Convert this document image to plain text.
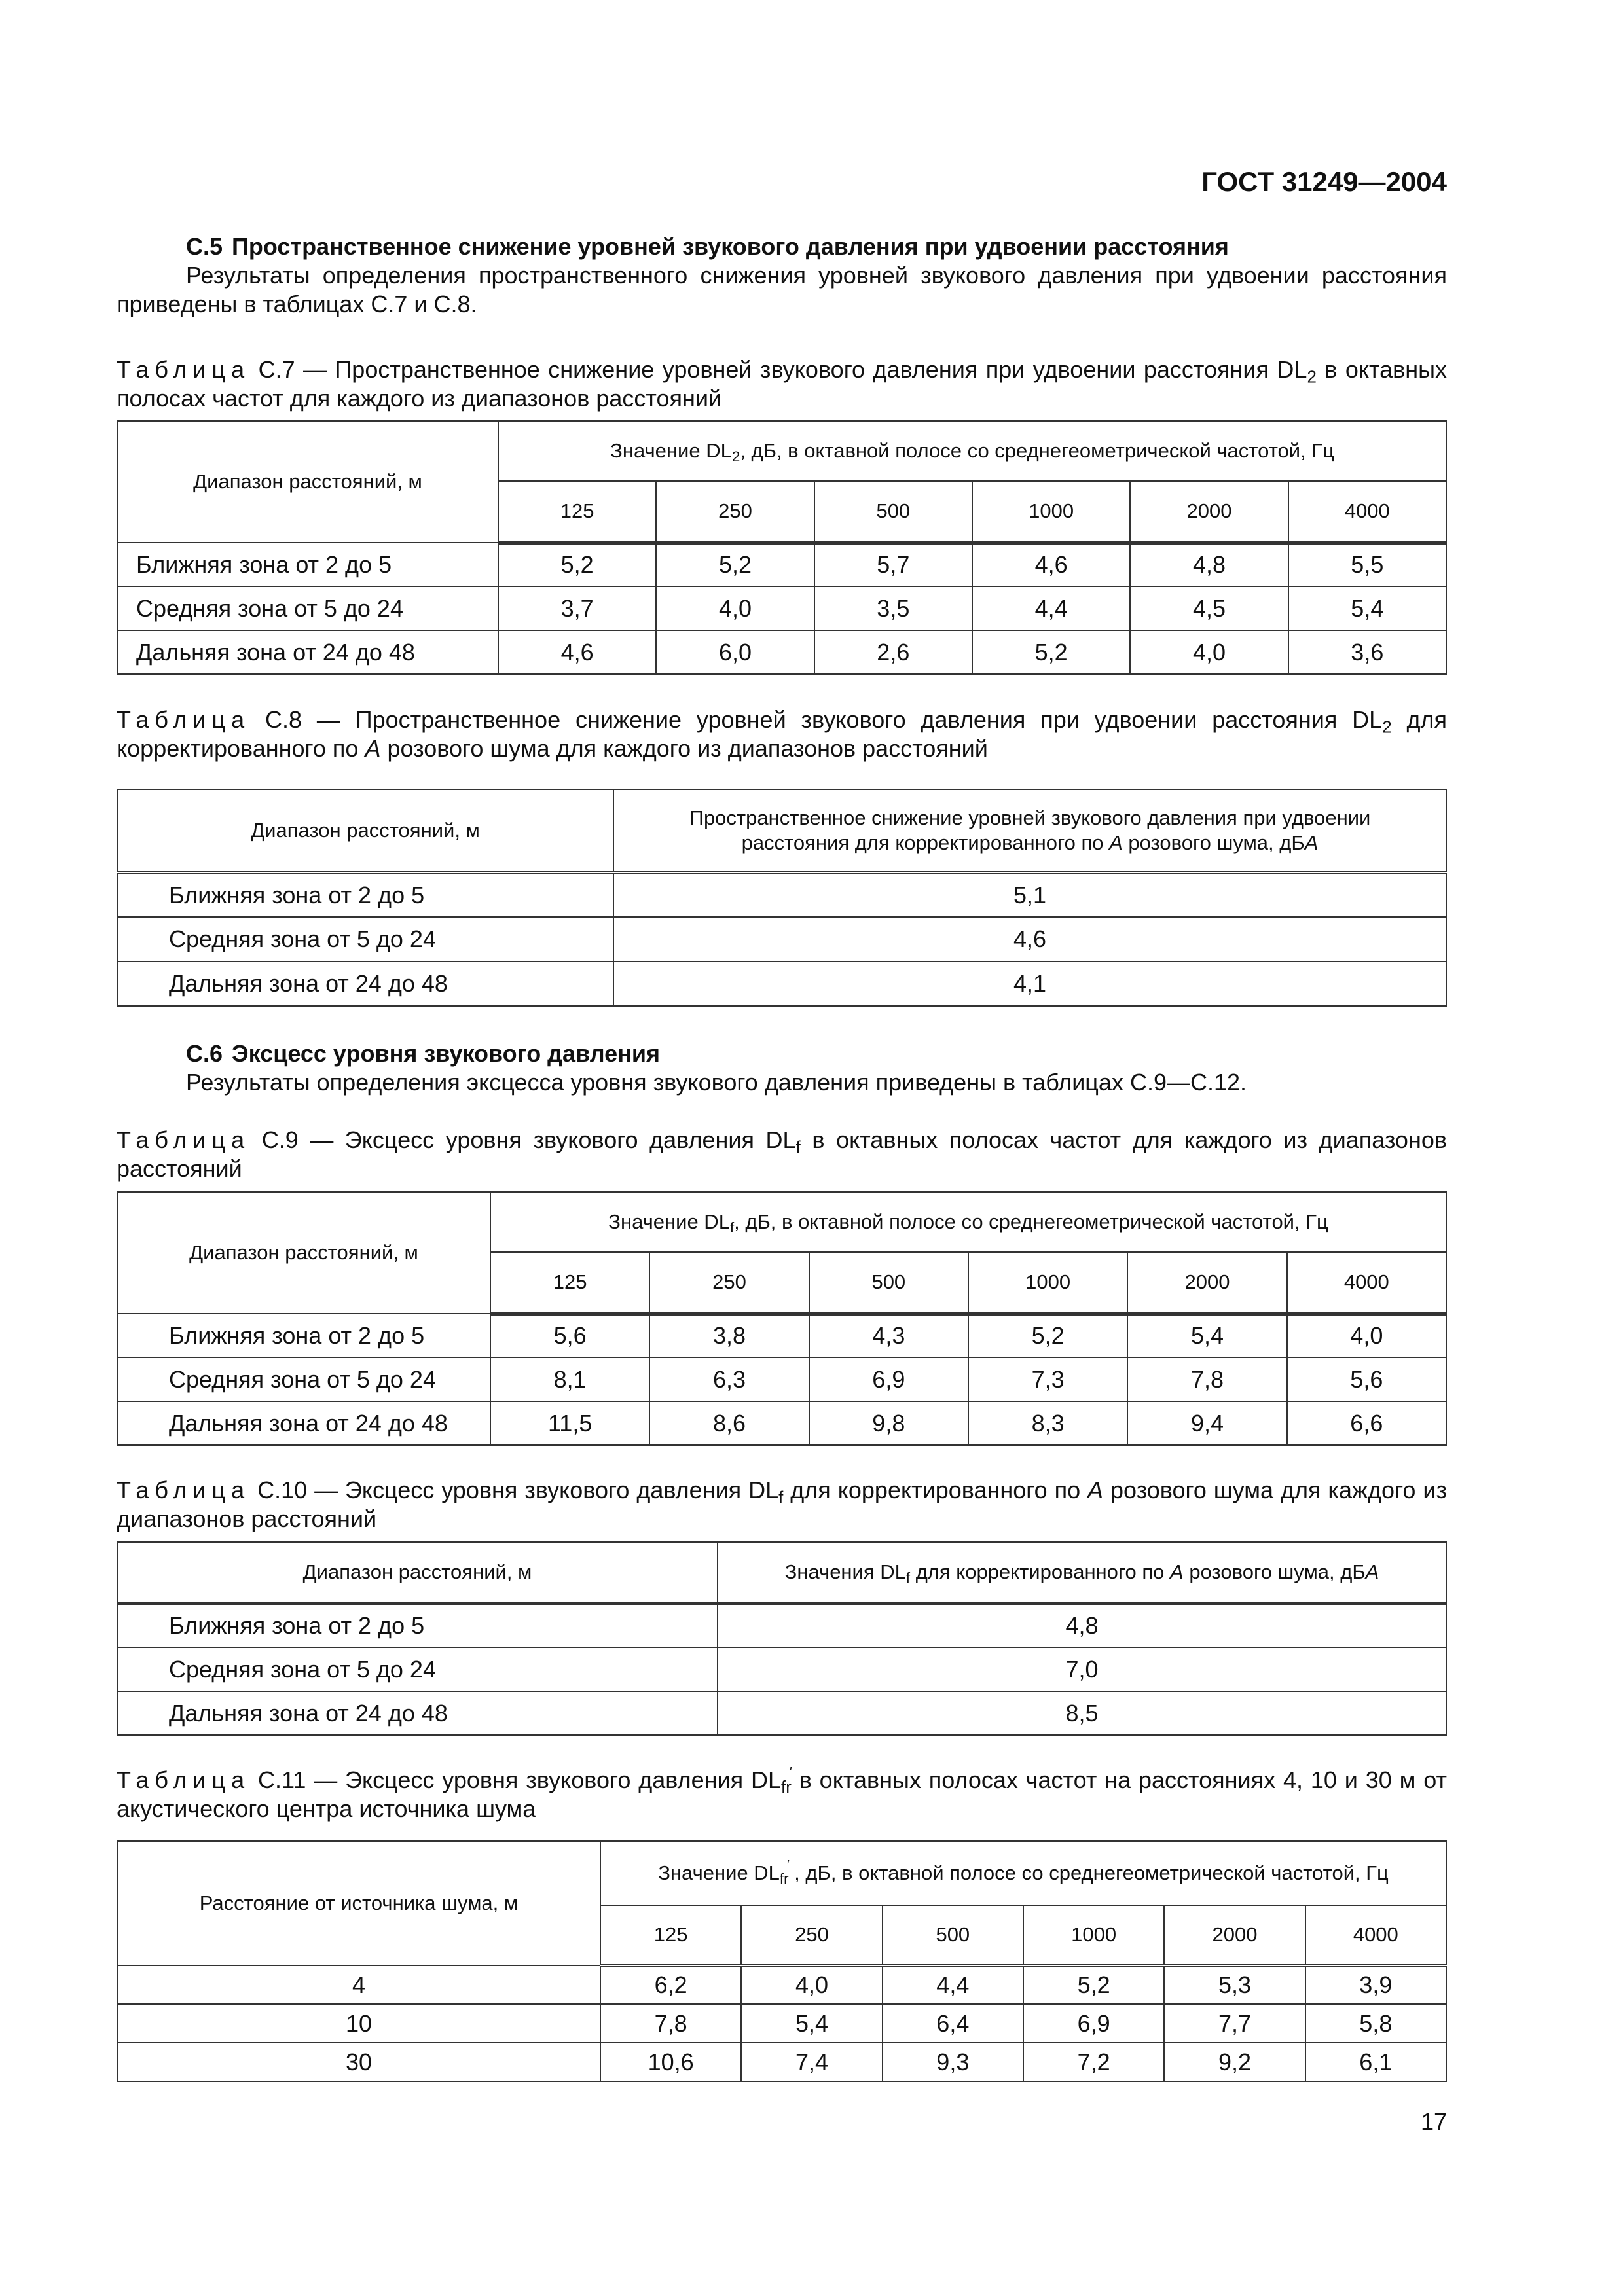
ГОСТ 31249—2004
С.5 Пространственное снижение уровней звукового давления при удвоении расстояния
Результаты определения пространственного снижения уровней звукового давления при удвоении расстояния приведены в таблицах С.7 и С.8.
Таблица С.7 — Пространственное снижение уровней звукового давления при удвоении расстояния $DL_2$ в октавных полосах частот для каждого из диапазонов расстояний
Диапазон расстояний, м	Значение $DL_2$, дБ, в октавной полосе со среднегеометрической частотой, Гц					
	125	250	500	1000	2000	4000
Ближняя зона от 2 до 5	5,2	5,2	5,7	4,6	4,8	5,5
Средняя зона от 5 до 24	3,7	4,0	3,5	4,4	4,5	5,4
Дальняя зона от 24 до 48	4,6	6,0	2,6	5,2	4,0	3,6
Таблица С.8 — Пространственное снижение уровней звукового давления при удвоении расстояния $DL_2$ для корректированного по А розового шума для каждого из диапазонов расстояний
Диапазон расстояний, м	Пространственное снижение уровней звукового давления при удвоении расстояния для корректированного по А розового шума, дБА
Ближняя зона от 2 до 5	5,1
Средняя зона от 5 до 24	4,6
Дальняя зона от 24 до 48	4,1
С.6 Эксцесс уровня звукового давления
Результаты определения эксцесса уровня звукового давления приведены в таблицах С.9—С.12.
Таблица С.9 — Эксцесс уровня звукового давления $DL_f$ в октавных полосах частот для каждого из диапазонов расстояний
Диапазон расстояний, м	Значение $DL_f$, дБ, в октавной полосе со среднегеометрической частотой, Гц					
	125	250	500	1000	2000	4000
Ближняя зона от 2 до 5	5,6	3,8	4,3	5,2	5,4	4,0
Средняя зона от 5 до 24	8,1	6,3	6,9	7,3	7,8	5,6
Дальняя зона от 24 до 48	11,5	8,6	9,8	8,3	9,4	6,6
Таблица С.10 — Эксцесс уровня звукового давления $DL_f$ для корректированного по А розового шума для каждого из диапазонов расстояний
Диапазон расстояний, м	Значения $DL_f$ для корректированного по А розового шума, дБА
Ближняя зона от 2 до 5	4,8
Средняя зона от 5 до 24	7,0
Дальняя зона от 24 до 48	8,5
Таблица С.11 — Эксцесс уровня звукового давления DL′ $_{fr}$ в октавных полосах частот на расстояниях 4, 10 и 30 м от акустического центра источника шума
Расстояние от источника шума, м	Значение DL′ $_{fr}$ , дБ, в октавной полосе со среднегеометрической частотой, Гц
	125	250	500	1000	2000	4000
4	6,2	4,0	4,4	5,2	5,3	3,9
10	7,8	5,4	6,4	6,9	7,7	5,8
30	10,6	7,4	9,3	7,2	9,2	6,1
17
